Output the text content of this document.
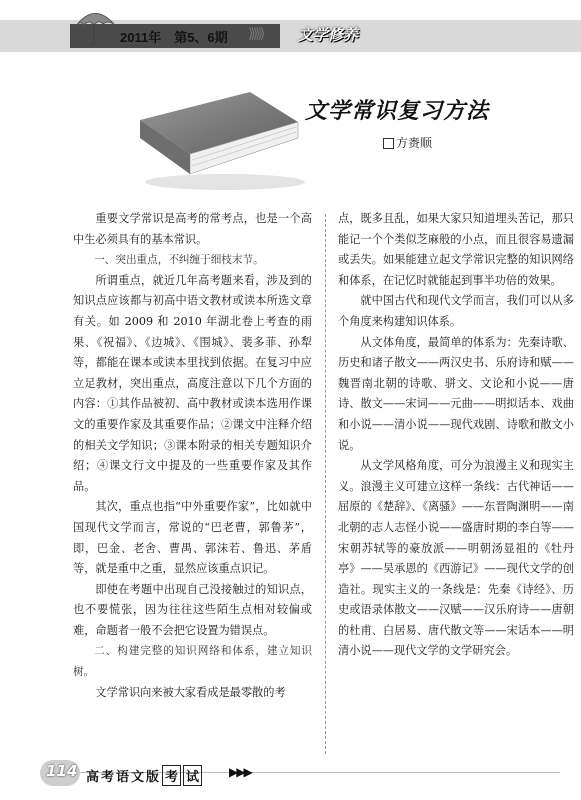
2011年　第5、6期 ⟫⟫⟫ 文学修养
文学常识复习方法
方赉顺

重要文学常识是高考的常考点，也是一个高中生必须具有的基本常识。

一、突出重点，不纠缠于细枝末节。

所谓重点，就近几年高考题来看，涉及到的知识点应该都与初高中语文教材或读本所选文章有关。如 2009 和 2010 年湖北卷上考查的雨果、《祝福》、《边城》、《围城》、裴多菲、孙犁等，都能在课本或读本里找到依据。在复习中应立足教材，突出重点，高度注意以下几个方面的内容：①其作品被初、高中教材或读本选用作课文的重要作家及其重要作品；②课文中注释介绍的相关文学知识；③课本附录的相关专题知识介绍；④课文行文中提及的一些重要作家及其作品。

其次，重点也指“中外重要作家”，比如就中国现代文学而言，常说的“巴老曹，郭鲁茅”，即，巴金、老舍、曹禺、郭沫若、鲁迅、茅盾等，就是重中之重，显然应该重点识记。

即使在考题中出现自己没接触过的知识点，也不要慌张，因为往往这些陌生点相对较偏或难，命题者一般不会把它设置为错误点。

二、构建完整的知识网络和体系，建立知识树。

文学常识向来被大家看成是最零散的考

点，既多且乱，如果大家只知道埋头苦记，那只能记一个个类似芝麻般的小点，而且很容易遗漏或丢失。如果能建立起文学常识完整的知识网络和体系，在记忆时就能起到事半功倍的效果。

就中国古代和现代文学而言，我们可以从多个角度来构建知识体系。

从文体角度，最简单的体系为：先秦诗歌、历史和诸子散文——两汉史书、乐府诗和赋——魏晋南北朝的诗歌、骈文、文论和小说——唐诗、散文——宋词——元曲——明拟话本、戏曲和小说——清小说——现代戏剧、诗歌和散文小说。

从文学风格角度，可分为浪漫主义和现实主义。浪漫主义可建立这样一条线：古代神话——屈原的《楚辞》、《离骚》——东晋陶渊明——南北朝的志人志怪小说——盛唐时期的李白等——宋朝苏轼等的豪放派——明朝汤显祖的《牡丹亭》——吴承恩的《西游记》——现代文学的创造社。现实主义的一条线是：先秦《诗经》、历史或语录体散文——汉赋——汉乐府诗——唐朝的杜甫、白居易、唐代散文等——宋话本——明清小说——现代文学的文学研究会。

114 高考语文版 考 试	▶▶▶
